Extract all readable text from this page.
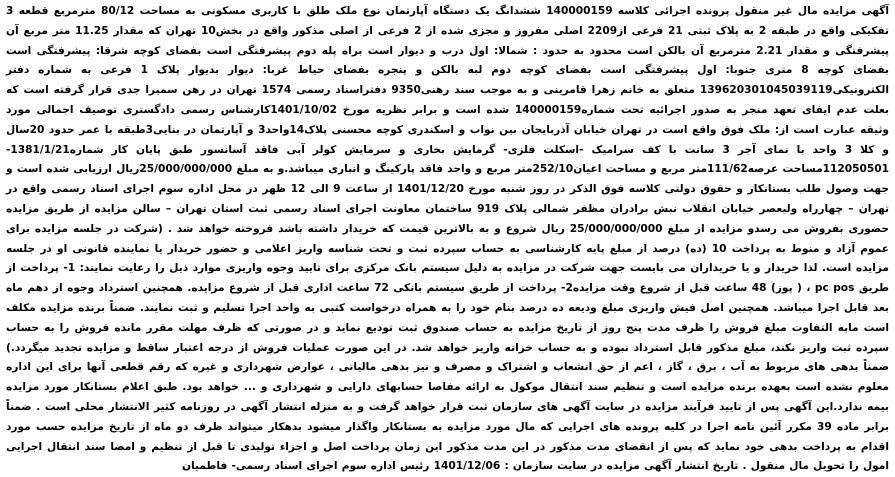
آگهی مزایده مال غیر منقول پرونده اجرائی کلاسه 140000159 ششدانگ یک دستگاه آپارتمان نوع ملک طلق با کاربری مسکونی به مساحت 80/12 مترمربع قطعه 3 تفکیکی واقع در طبقه 2 به پلاک ثبتی 21 فرعی از2209 اصلی مفروز و مجزی شده از 2 فرعی از اصلی مذکور واقع در بخش10 تهران که مقدار 11.25 متر مربع آن پیشرفتگی و مقدار 2.21 مترمربع آن بالکن است محدود به حدود : شمالا: اول درب و دیوار است براه پله دوم پیشرفتگی است بفضای کوچه شرقا: پیشرفتگی است بفضای کوچه 8 متری جنوبا: اول پیشرفتگی است بفضای کوچه دوم لبه بالکن و پنجره بفضای حیاط غربا: دیوار بدیوار پلاک 1 فرعی به شماره دفتر الکترونیکی139620301045039119 متعلق به خانم زهرا قامرینی و به موجب سند رهنی9350 دفتراسناد رسمی 1574 تهران در رهن سمیرا جدی قرار گرفته است که بعلت عدم ایفای تعهد منجر به صدور اجرائیه تحت شماره140000159 شده است و برابر نظریه مورخ 1401/10/02کارشناس رسمی دادگستری توصیف اجمالی مورد وثیقه عبارت است از: ملک فوق واقع است در تهران خیابان آذربایجان بین نواب و اسکندری کوچه محسنی پلاک14واحد3 و آپارتمان در بنایی3طبقه با عمر حدود 20سال و کلا 3 واحد با نمای آجر 3 سانت با کف سرامیک -اسکلت فلزی- گرمایش بخاری و سرمایش کولر آبی فاقد آسانسور طبق پایان کار شماره1381/1/21-112050501مساحت عرصه111/62متر مربع و مساحت اعیان252/10متر مربع و واحد فاقد پارکینگ و انباری میباشد.و به مبلغ 25/000/000/000ریال ارزیابی شده است و جهت وصول طلب بستانکار و حقوق دولتی کلاسه فوق الذکر در روز شنبه مورخ 1401/12/20 از ساعت 9 الی 12 ظهر در محل اداره سوم اجرای اسناد رسمی واقع در تهران – چهارراه ولیعصر خیابان انقلاب نبش برادران مظفر شمالی پلاک 919 ساختمان معاونت اجرای اسناد رسمی ثبت استان تهران – سالن مزایده از طریق مزایده حضوری بفروش می رسدو مزایده از مبلغ 25/000/000/000 ریال شروع و به بالاترین قیمت که خریدار داشته باشد فروخته خواهد شد . (شرکت در جلسه مزایده برای عموم آزاد و منوط به پرداخت 10 (ده) درصد از مبلغ پایه کارشناسی به حساب سپرده ثبت و تحت شناسه واریز اعلامی و حضور خریدار یا نماینده قانونی او در جلسه مزایده است. لذا خریدار و یا خریداران می بایست جهت شرکت در مزایده به دلیل سیستم بانک مرکزی برای تایید وجوه واریزی موارد ذیل را رعایت نمایند: 1- پرداخت از طریق pc pos ، ( پوز) 48 ساعت قبل از شروع وقت مزایده2- پرداخت از طریق سیستم بانکی 72 ساعت اداری قبل از شروع مزایده. همچنین استرداد وجوه از دهم ماه بعد قابل اجرا میباشد. همچنین اصل فیش واریزی مبلغ ودیعه ده درصد بنام خود را به همراه درخواست کتبی به واحد اجرا تسلیم و ثبت نمایند. ضمناً برنده مزایده مکلف است مابه التفاوت مبلغ فروش را ظرف مدت پنج روز از تاریخ مزایده به حساب صندوق ثبت تودیع نماید و در صورتی که ظرف مهلت مقرر مانده فروش را به حساب سپرده ثبت واریز نکند، مبلغ مذکور قابل استرداد نبوده و به حساب خزانه واریز خواهد شد. در این صورت عملیات فروش از درجه اعتبار ساقط و مزایده تجدید میگردد.) ضمناً بدهی های مربوط به آب ، برق ، گاز ، اعم از حق انشعاب و اشتراک و مصرف و نیز بدهی مالیاتی ، عوارض شهرداری و غیره که رقم قطعی آنها برای این اداره معلوم نشده است بعهده برنده مزایده است و تنظیم سند انتقال موکول به ارائه مفاصا حسابهای دارایی و شهرداری و ... خواهد بود. طبق اعلام بستانکار مورد مزایده بیمه ندارد.این آگهی پس از تایید فرآیند مزایده در سایت آگهی های سازمان ثبت قرار خواهد گرفت و به منزله انتشار آگهی در روزنامه کثیر الانتشار محلی است . ضمناً برابر ماده 39 مکرر آئین نامه اجرا در کلیه پرونده های اجرایی که مال مورد مزایده به بستانکار واگذار میشود بدهکار میتواند ظرف دو ماه از تاریخ مزایده حسب مورد اقدام به پرداخت بدهی خود نماید که پس از انقضای مدت مذکور در این مدت مذکور این زمان پرداخت اصل و اجزاء تولیدی تا قبل از تنظیم و امضا سند انتقال اجرایی امول را تحویل مال منقول . تاریخ انتشار آگهی مزایده در سایت سازمان : 1401/12/06 رئیس اداره سوم اجرای اسناد رسمی- فاطمیان
